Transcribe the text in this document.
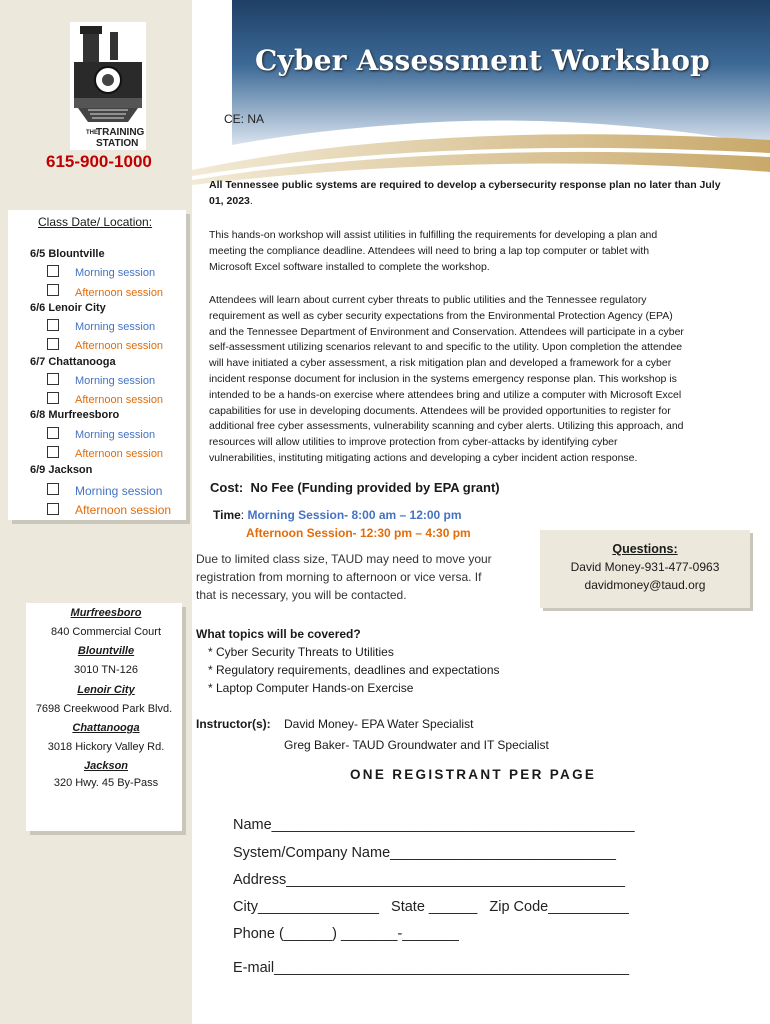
THE
TRAINING
STATION
615-900-1000
Cyber Assessment Workshop
CE: NA
Class Date/ Location:
6/5 Blountville
Morning session
Afternoon session
6/6 Lenoir City
Morning session
Afternoon session
6/7 Chattanooga
Morning session
Afternoon session
6/8 Murfreesboro
Morning session
Afternoon session
6/9 Jackson
Morning session
Afternoon session
Murfreesboro
840 Commercial Court
Blountville
3010 TN-126
Lenoir City
7698 Creekwood Park Blvd.
Chattanooga
3018 Hickory Valley Rd.
Jackson
320 Hwy. 45 By-Pass
All Tennessee public systems are required to develop a cybersecurity response plan no later than July
01, 2023.
This hands-on workshop will assist utilities in fulfilling the requirements for developing a plan and
meeting the compliance deadline. Attendees will need to bring a lap top computer or tablet with
Microsoft Excel software installed to complete the workshop.
Attendees will learn about current cyber threats to public utilities and the Tennessee regulatory
requirement as well as cyber security expectations from the Environmental Protection Agency (EPA)
and the Tennessee Department of Environment and Conservation. Attendees will participate in a cyber
self-assessment utilizing scenarios relevant to and specific to the utility. Upon completion the attendee
will have initiated a cyber assessment, a risk mitigation plan and developed a framework for a cyber
incident response document for inclusion in the systems emergency response plan. This workshop is
intended to be a hands-on exercise where attendees bring and utilize a computer with Microsoft Excel
capabilities for use in developing documents. Attendees will be provided opportunities to register for
additional free cyber assessments, vulnerability scanning and cyber alerts. Utilizing this approach, and
resources will allow utilities to improve protection from cyber-attacks by identifying cyber
vulnerabilities, instituting mitigating actions and developing a cyber incident action response.
Cost: No Fee (Funding provided by EPA grant)
Time: Morning Session- 8:00 am – 12:00 pm
Afternoon Session- 12:30 pm – 4:30 pm
Due to limited class size, TAUD may need to move your
registration from morning to afternoon or vice versa. If
that is necessary, you will be contacted.
Questions:
David Money-931-477-0963
davidmoney@taud.org
What topics will be covered?
* Cyber Security Threats to Utilities
* Regulatory requirements, deadlines and expectations
* Laptop Computer Hands-on Exercise
Instructor(s): David Money- EPA Water Specialist
Greg Baker- TAUD Groundwater and IT Specialist
ONE REGISTRANT PER PAGE
Name_____________________________________________
System/Company Name____________________________
Address__________________________________________
City_______________   State ______   Zip Code__________
Phone (______) _______-_______
E-mail____________________________________________
